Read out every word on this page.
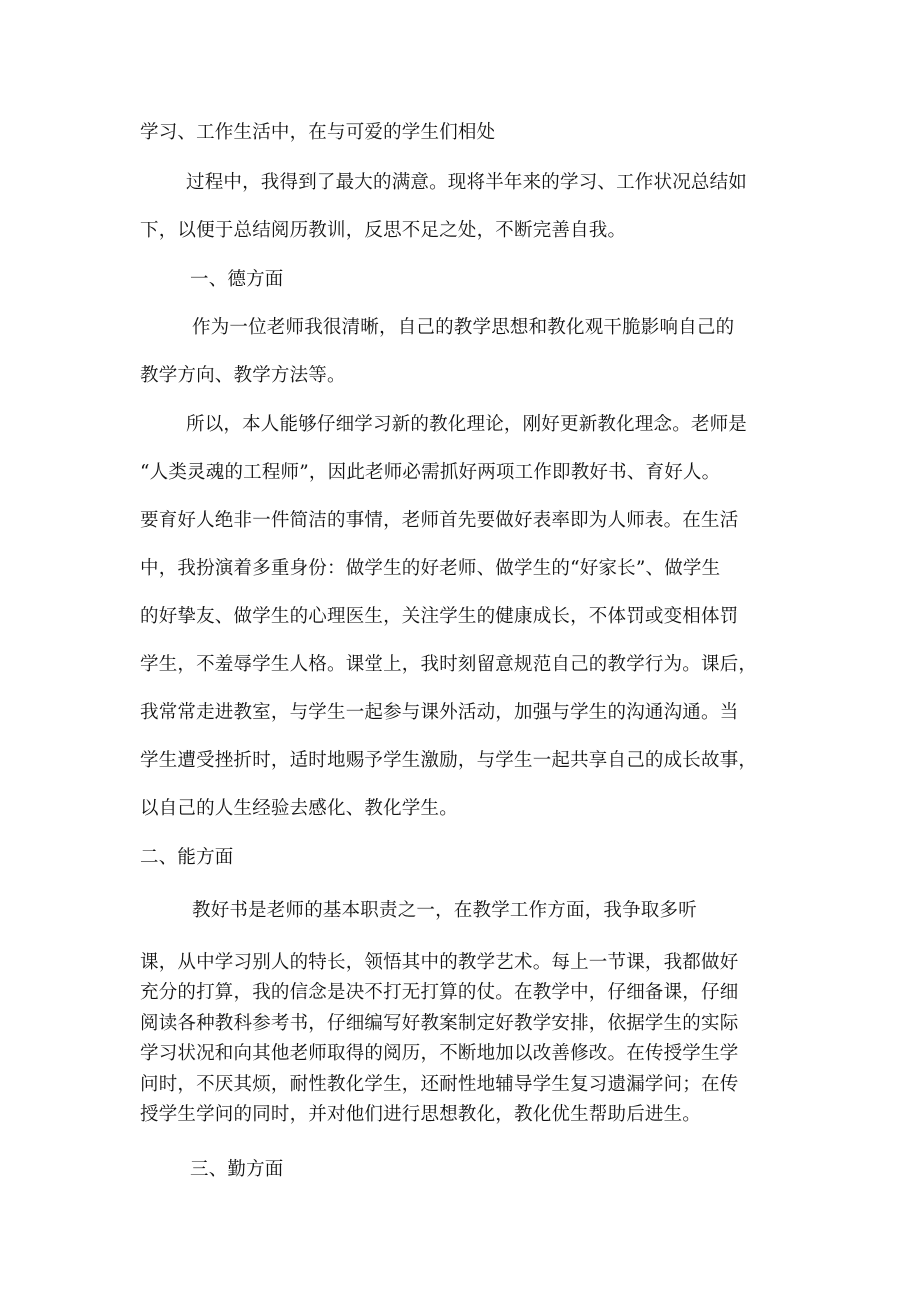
学习、工作生活中，在与可爱的学生们相处
过程中，我得到了最大的满意。现将半年来的学习、工作状况总结如
下，以便于总结阅历教训，反思不足之处，不断完善自我。
一、德方面
作为一位老师我很清晰，自己的教学思想和教化观干脆影响自己的
教学方向、教学方法等。
所以，本人能够仔细学习新的教化理论，刚好更新教化理念。老师是
“人类灵魂的工程师”，因此老师必需抓好两项工作即教好书、育好人。
要育好人绝非一件简洁的事情，老师首先要做好表率即为人师表。在生活
中，我扮演着多重身份：做学生的好老师、做学生的“好家长”、做学生
的好挚友、做学生的心理医生，关注学生的健康成长，不体罚或变相体罚
学生，不羞辱学生人格。课堂上，我时刻留意规范自己的教学行为。课后，
我常常走进教室，与学生一起参与课外活动，加强与学生的沟通沟通。当
学生遭受挫折时，适时地赐予学生激励，与学生一起共享自己的成长故事，
以自己的人生经验去感化、教化学生。
二、能方面
教好书是老师的基本职责之一，在教学工作方面，我争取多听
课，从中学习别人的特长，领悟其中的教学艺术。每上一节课，我都做好
充分的打算，我的信念是决不打无打算的仗。在教学中，仔细备课，仔细
阅读各种教科参考书，仔细编写好教案制定好教学安排，依据学生的实际
学习状况和向其他老师取得的阅历，不断地加以改善修改。在传授学生学
问时，不厌其烦，耐性教化学生，还耐性地辅导学生复习遗漏学问；在传
授学生学问的同时，并对他们进行思想教化，教化优生帮助后进生。
三、勤方面
